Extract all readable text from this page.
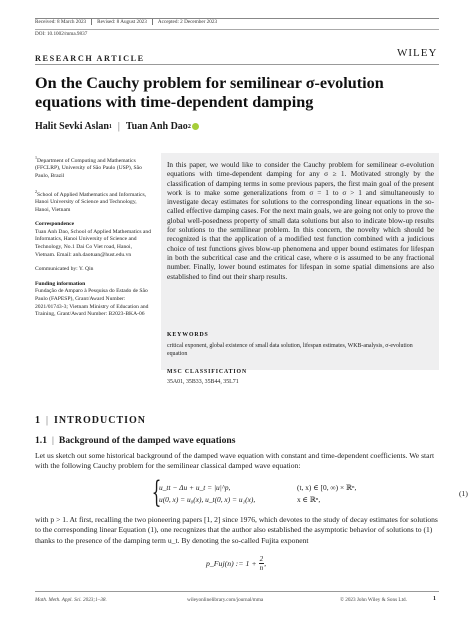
Received: 8 March 2023 Revised: 8 August 2023 Accepted: 2 December 2023
DOI: 10.1002/mma.9837
RESEARCH ARTICLE	WILEY
On the Cauchy problem for semilinear σ-evolution equations with time-dependent damping
Halit Sevki Aslan 1 | Tuan Anh Dao 2

$^1$Department of Computing and Mathematics (FFCLRP), University of São Paulo (USP), São Paulo, Brazil

$^2$School of Applied Mathematics and Informatics, Hanoi University of Science and Technology, Hanoi, Vietnam

Correspondence

Tuan Anh Dao, School of Applied Mathematics and Informatics, Hanoi University of Science and Technology, No.1 Dai Co Viet road, Hanoi, Vietnam. Email: anh.daotuan@hust.edu.vn

Communicated by: Y. Qin

Funding information

Fundação de Amparo à Pesquisa do Estado de São Paulo (FAPESP), Grant/Award Number: 2021/01743-3; Vietnam Ministry of Education and Training, Grant/Award Number: B2023-BKA-06

In this paper, we would like to consider the Cauchy problem for semilinear σ-evolution equations with time-dependent damping for any σ ≥ 1. Motivated strongly by the classification of damping terms in some previous papers, the first main goal of the present work is to make some generalizations from σ = 1 to σ > 1 and simultaneously to investigate decay estimates for solutions to the corresponding linear equations in the so-called effective damping cases. For the next main goals, we are going not only to prove the global well-posedness property of small data solutions but also to indicate blow-up results for solutions to the semilinear problem. In this concern, the novelty which should be recognized is that the application of a modified test function combined with a judicious choice of test functions gives blow-up phenomena and upper bound estimates for lifespan in both the subcritical case and the critical case, where σ is assumed to be any fractional number. Finally, lower bound estimates for lifespan in some spatial dimensions are also established to find out their sharp results.
KEYWORDS
critical exponent, global existence of small data solution, lifespan estimates, WKB-analysis, σ-evolution equation
MSC CLASSIFICATION
35A01, 35B33, 35B44, 35L71
1 | INTRODUCTION
1.1 | Background of the damped wave equations
Let us sketch out some historical background of the damped wave equation with constant and time-dependent coefficients. We start with the following Cauchy problem for the semilinear classical damped wave equation:
{
u_tt − Δu + u_t = |u|^p,	(t, x) ∈ [0, ∞) × ℝⁿ,
u(0, x) = u₀(x), u_t(0, x) = u₁(x),	x ∈ ℝⁿ,
(1)
with p > 1. At first, recalling the two pioneering papers [1, 2] since 1976, which devotes to the study of decay estimates for solutions to the corresponding linear Equation (1), one recognizes that the author also established the asymptotic behavior of solutions to (1) thanks to the presence of the damping term u_t. By denoting the so-called Fujita exponent
p_Fuj(n) := $1 + \frac{2}{n}$ ,
Math. Meth. Appl. Sci. 2023;1–38.	wileyonlinelibrary.com/journal/mma	© 2023 John Wiley & Sons Ltd.	1
